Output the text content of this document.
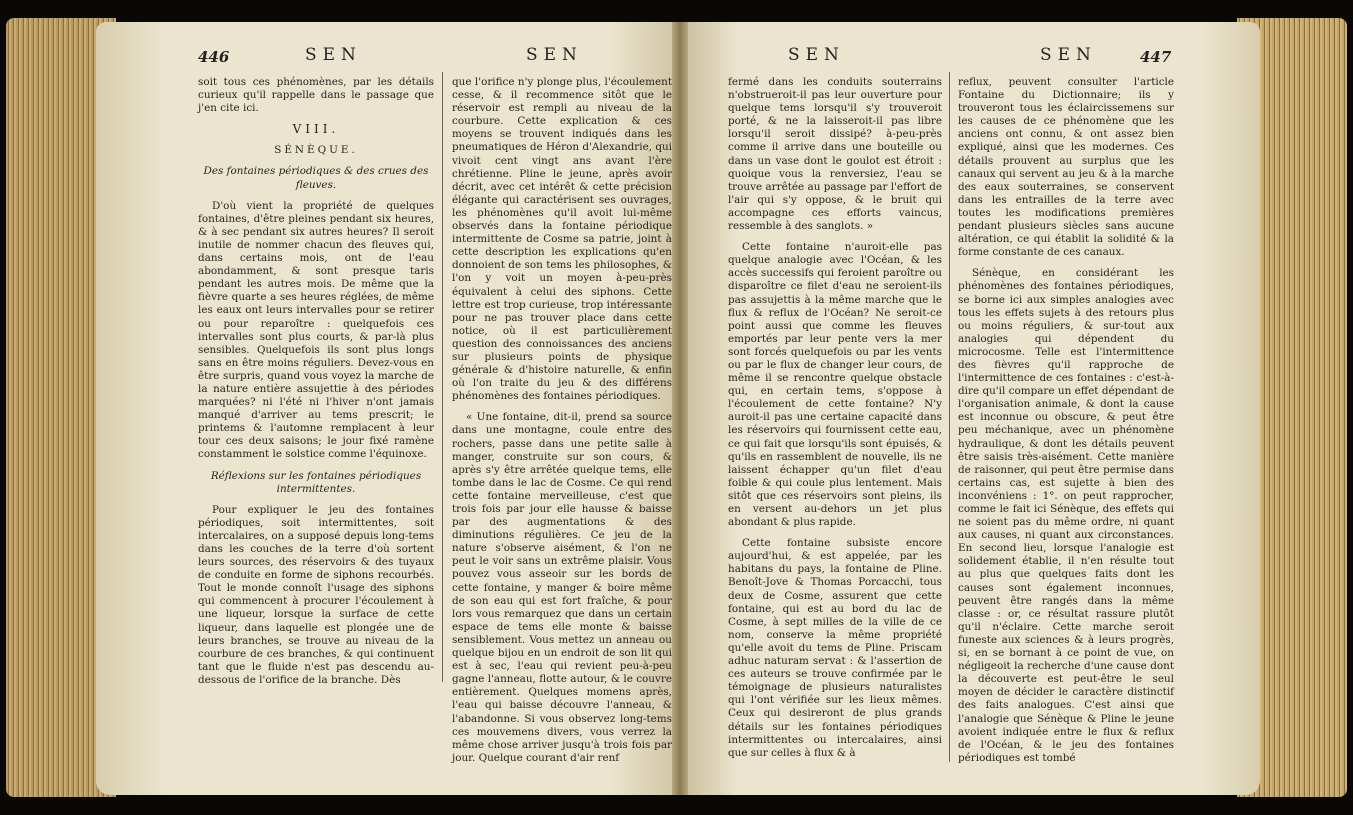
446	SEN	SEN	SEN	SEN	447

soit tous ces phénomènes, par les détails curieux qu'il rappelle dans le passage que j'en cite ici.

VIII.

SÉNÈQUE.

Des fontaines périodiques & des crues des fleuves.

D'où vient la propriété de quelques fontaines, d'être pleines pendant six heures, & à sec pendant six autres heures? Il seroit inutile de nommer chacun des fleuves qui, dans certains mois, ont de l'eau abondamment, & sont presque taris pendant les autres mois. De même que la fièvre quarte a ses heures réglées, de même les eaux ont leurs intervalles pour se retirer ou pour reparoître : quelquefois ces intervalles sont plus courts, & par-là plus sensibles. Quelquefois ils sont plus longs sans en être moins réguliers. Devez-vous en être surpris, quand vous voyez la marche de la nature entière assujettie à des périodes marquées? ni l'été ni l'hiver n'ont jamais manqué d'arriver au tems prescrit; le printems & l'automne remplacent à leur tour ces deux saisons; le jour fixé ramène constamment le solstice comme l'équinoxe.

Réflexions sur les fontaines périodiques intermittentes.

Pour expliquer le jeu des fontaines périodiques, soit intermittentes, soit intercalaires, on a supposé depuis long-tems dans les couches de la terre d'où sortent leurs sources, des réservoirs & des tuyaux de conduite en forme de siphons recourbés. Tout le monde connoît l'usage des siphons qui commencent à procurer l'écoulement à une liqueur, lorsque la surface de cette liqueur, dans laquelle est plongée une de leurs branches, se trouve au niveau de la courbure de ces branches, & qui continuent tant que le fluide n'est pas descendu au-dessous de l'orifice de la branche. Dès

que l'orifice n'y plonge plus, l'écoulement cesse, & il recommence sitôt que le réservoir est rempli au niveau de la courbure. Cette explication & ces moyens se trouvent indiqués dans les pneumatiques de Héron d'Alexandrie, qui vivoit cent vingt ans avant l'ère chrétienne. Pline le jeune, après avoir décrit, avec cet intérêt & cette précision élégante qui caractérisent ses ouvrages, les phénomènes qu'il avoit lui-même observés dans la fontaine périodique intermittente de Cosme sa patrie, joint à cette description les explications qu'en donnoient de son tems les philosophes, & l'on y voit un moyen à-peu-près équivalent à celui des siphons. Cette lettre est trop curieuse, trop intéressante pour ne pas trouver place dans cette notice, où il est particulièrement question des connoissances des anciens sur plusieurs points de physique générale & d'histoire naturelle, & enfin où l'on traite du jeu & des différens phénomènes des fontaines périodiques.

« Une fontaine, dit-il, prend sa source dans une montagne, coule entre des rochers, passe dans une petite salle à manger, construite sur son cours, & après s'y être arrêtée quelque tems, elle tombe dans le lac de Cosme. Ce qui rend cette fontaine merveilleuse, c'est que trois fois par jour elle hausse & baisse par des augmentations & des diminutions régulières. Ce jeu de la nature s'observe aisément, & l'on ne peut le voir sans un extrême plaisir. Vous pouvez vous asseoir sur les bords de cette fontaine, y manger & boire même de son eau qui est fort fraîche, & pour lors vous remarquez que dans un certain espace de tems elle monte & baisse sensiblement. Vous mettez un anneau ou quelque bijou en un endroit de son lit qui est à sec, l'eau qui revient peu-à-peu gagne l'anneau, flotte autour, & le couvre entièrement. Quelques momens après, l'eau qui baisse découvre l'anneau, & l'abandonne. Si vous observez long-tems ces mouvemens divers, vous verrez la même chose arriver jusqu'à trois fois par jour. Quelque courant d'air renf

fermé dans les conduits souterrains n'obstrueroit-il pas leur ouverture pour quelque tems lorsqu'il s'y trouveroit porté, & ne la laisseroit-il pas libre lorsqu'il seroit dissipé? à-peu-près comme il arrive dans une bouteille ou dans un vase dont le goulot est étroit : quoique vous la renversiez, l'eau se trouve arrêtée au passage par l'effort de l'air qui s'y oppose, & le bruit qui accompagne ces efforts vaincus, ressemble à des sanglots. »

Cette fontaine n'auroit-elle pas quelque analogie avec l'Océan, & les accès successifs qui feroient paroître ou disparoître ce filet d'eau ne seroient-ils pas assujettis à la même marche que le flux & reflux de l'Océan? Ne seroit-ce point aussi que comme les fleuves emportés par leur pente vers la mer sont forcés quelquefois ou par les vents ou par le flux de changer leur cours, de même il se rencontre quelque obstacle qui, en certain tems, s'oppose à l'écoulement de cette fontaine? N'y auroit-il pas une certaine capacité dans les réservoirs qui fournissent cette eau, ce qui fait que lorsqu'ils sont épuisés, & qu'ils en rassemblent de nouvelle, ils ne laissent échapper qu'un filet d'eau foible & qui coule plus lentement. Mais sitôt que ces réservoirs sont pleins, ils en versent au-dehors un jet plus abondant & plus rapide.

Cette fontaine subsiste encore aujourd'hui, & est appelée, par les habitans du pays, la fontaine de Pline. Benoît-Jove & Thomas Porcacchi, tous deux de Cosme, assurent que cette fontaine, qui est au bord du lac de Cosme, à sept milles de la ville de ce nom, conserve la même propriété qu'elle avoit du tems de Pline. Priscam adhuc naturam servat : & l'assertion de ces auteurs se trouve confirmée par le témoignage de plusieurs naturalistes qui l'ont vérifiée sur les lieux mêmes. Ceux qui desireront de plus grands détails sur les fontaines périodiques intermittentes ou intercalaires, ainsi que sur celles à flux & à

reflux, peuvent consulter l'article Fontaine du Dictionnaire; ils y trouveront tous les éclaircissemens sur les causes de ce phénomène que les anciens ont connu, & ont assez bien expliqué, ainsi que les modernes. Ces détails prouvent au surplus que les canaux qui servent au jeu & à la marche des eaux souterraines, se conservent dans les entrailles de la terre avec toutes les modifications premières pendant plusieurs siècles sans aucune altération, ce qui établit la solidité & la forme constante de ces canaux.

Sénèque, en considérant les phénomènes des fontaines périodiques, se borne ici aux simples analogies avec tous les effets sujets à des retours plus ou moins réguliers, & sur-tout aux analogies qui dépendent du microcosme. Telle est l'intermittence des fièvres qu'il rapproche de l'intermittence de ces fontaines : c'est-à-dire qu'il compare un effet dépendant de l'organisation animale, & dont la cause est inconnue ou obscure, & peut être peu méchanique, avec un phénomène hydraulique, & dont les détails peuvent être saisis très-aisément. Cette manière de raisonner, qui peut être permise dans certains cas, est sujette à bien des inconvéniens : 1°. on peut rapprocher, comme le fait ici Sénèque, des effets qui ne soient pas du même ordre, ni quant aux causes, ni quant aux circonstances. En second lieu, lorsque l'analogie est solidement établie, il n'en résulte tout au plus que quelques faits dont les causes sont également inconnues, peuvent être rangés dans la même classe : or, ce résultat rassure plutôt qu'il n'éclaire. Cette marche seroit funeste aux sciences & à leurs progrès, si, en se bornant à ce point de vue, on négligeoit la recherche d'une cause dont la découverte est peut-être le seul moyen de décider le caractère distinctif des faits analogues. C'est ainsi que l'analogie que Sénèque & Pline le jeune avoient indiquée entre le flux & reflux de l'Océan, & le jeu des fontaines périodiques est tombé
